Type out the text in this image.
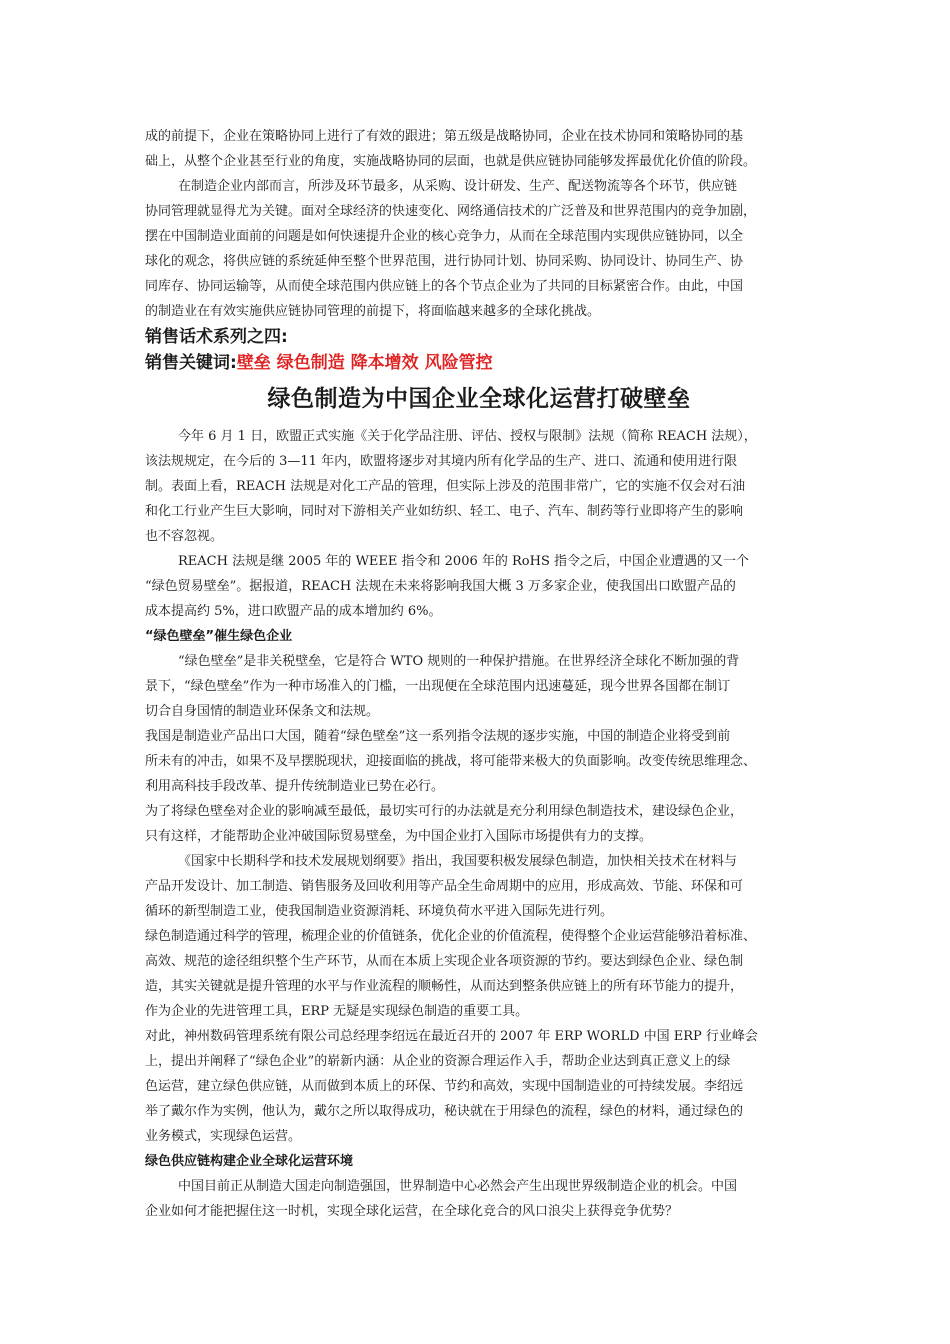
成的前提下，企业在策略协同上进行了有效的跟进；第五级是战略协同，企业在技术协同和策略协同的基
础上，从整个企业甚至行业的角度，实施战略协同的层面，也就是供应链协同能够发挥最优化价值的阶段。

在制造企业内部而言，所涉及环节最多，从采购、设计研发、生产、配送物流等各个环节，供应链
协同管理就显得尤为关键。面对全球经济的快速变化、网络通信技术的广泛普及和世界范围内的竞争加剧，
摆在中国制造业面前的问题是如何快速提升企业的核心竞争力，从而在全球范围内实现供应链协同，以全
球化的观念，将供应链的系统延伸至整个世界范围，进行协同计划、协同采购、协同设计、协同生产、协
同库存、协同运输等，从而使全球范围内供应链上的各个节点企业为了共同的目标紧密合作。由此，中国
的制造业在有效实施供应链协同管理的前提下，将面临越来越多的全球化挑战。

销售话术系列之四:

销售关键词:壁垒 绿色制造 降本增效 风险管控

绿色制造为中国企业全球化运营打破壁垒

今年 6 月 1 日，欧盟正式实施《关于化学品注册、评估、授权与限制》法规（简称 REACH 法规），
该法规规定，在今后的 3—11 年内，欧盟将逐步对其境内所有化学品的生产、进口、流通和使用进行限
制。表面上看，REACH 法规是对化工产品的管理，但实际上涉及的范围非常广，它的实施不仅会对石油
和化工行业产生巨大影响，同时对下游相关产业如纺织、轻工、电子、汽车、制药等行业即将产生的影响
也不容忽视。

REACH 法规是继 2005 年的 WEEE 指令和 2006 年的 RoHS 指令之后，中国企业遭遇的又一个
“绿色贸易壁垒”。据报道，REACH 法规在未来将影响我国大概 3 万多家企业，使我国出口欧盟产品的
成本提高约 5%，进口欧盟产品的成本增加约 6%。

“绿色壁垒”催生绿色企业

“绿色壁垒”是非关税壁垒，它是符合 WTO 规则的一种保护措施。在世界经济全球化不断加强的背
景下，“绿色壁垒”作为一种市场准入的门槛，一出现便在全球范围内迅速蔓延，现今世界各国都在制订
切合自身国情的制造业环保条文和法规。

我国是制造业产品出口大国，随着“绿色壁垒”这一系列指令法规的逐步实施，中国的制造企业将受到前
所未有的冲击，如果不及早摆脱现状，迎接面临的挑战，将可能带来极大的负面影响。改变传统思维理念、
利用高科技手段改革、提升传统制造业已势在必行。

为了将绿色壁垒对企业的影响减至最低，最切实可行的办法就是充分利用绿色制造技术，建设绿色企业，
只有这样，才能帮助企业冲破国际贸易壁垒，为中国企业打入国际市场提供有力的支撑。

《国家中长期科学和技术发展规划纲要》指出，我国要积极发展绿色制造，加快相关技术在材料与
产品开发设计、加工制造、销售服务及回收利用等产品全生命周期中的应用，形成高效、节能、环保和可
循环的新型制造工业，使我国制造业资源消耗、环境负荷水平进入国际先进行列。

绿色制造通过科学的管理，梳理企业的价值链条，优化企业的价值流程，使得整个企业运营能够沿着标准、
高效、规范的途径组织整个生产环节，从而在本质上实现企业各项资源的节约。要达到绿色企业、绿色制
造，其实关键就是提升管理的水平与作业流程的顺畅性，从而达到整条供应链上的所有环节能力的提升，
作为企业的先进管理工具，ERP 无疑是实现绿色制造的重要工具。

对此，神州数码管理系统有限公司总经理李绍远在最近召开的 2007 年 ERP WORLD 中国 ERP 行业峰会
上，提出并阐释了“绿色企业”的崭新内涵：从企业的资源合理运作入手，帮助企业达到真正意义上的绿
色运营，建立绿色供应链，从而做到本质上的环保、节约和高效，实现中国制造业的可持续发展。李绍远
举了戴尔作为实例，他认为，戴尔之所以取得成功，秘诀就在于用绿色的流程，绿色的材料，通过绿色的
业务模式，实现绿色运营。

绿色供应链构建企业全球化运营环境

中国目前正从制造大国走向制造强国，世界制造中心必然会产生出现世界级制造企业的机会。中国
企业如何才能把握住这一时机，实现全球化运营，在全球化竞合的风口浪尖上获得竞争优势？
